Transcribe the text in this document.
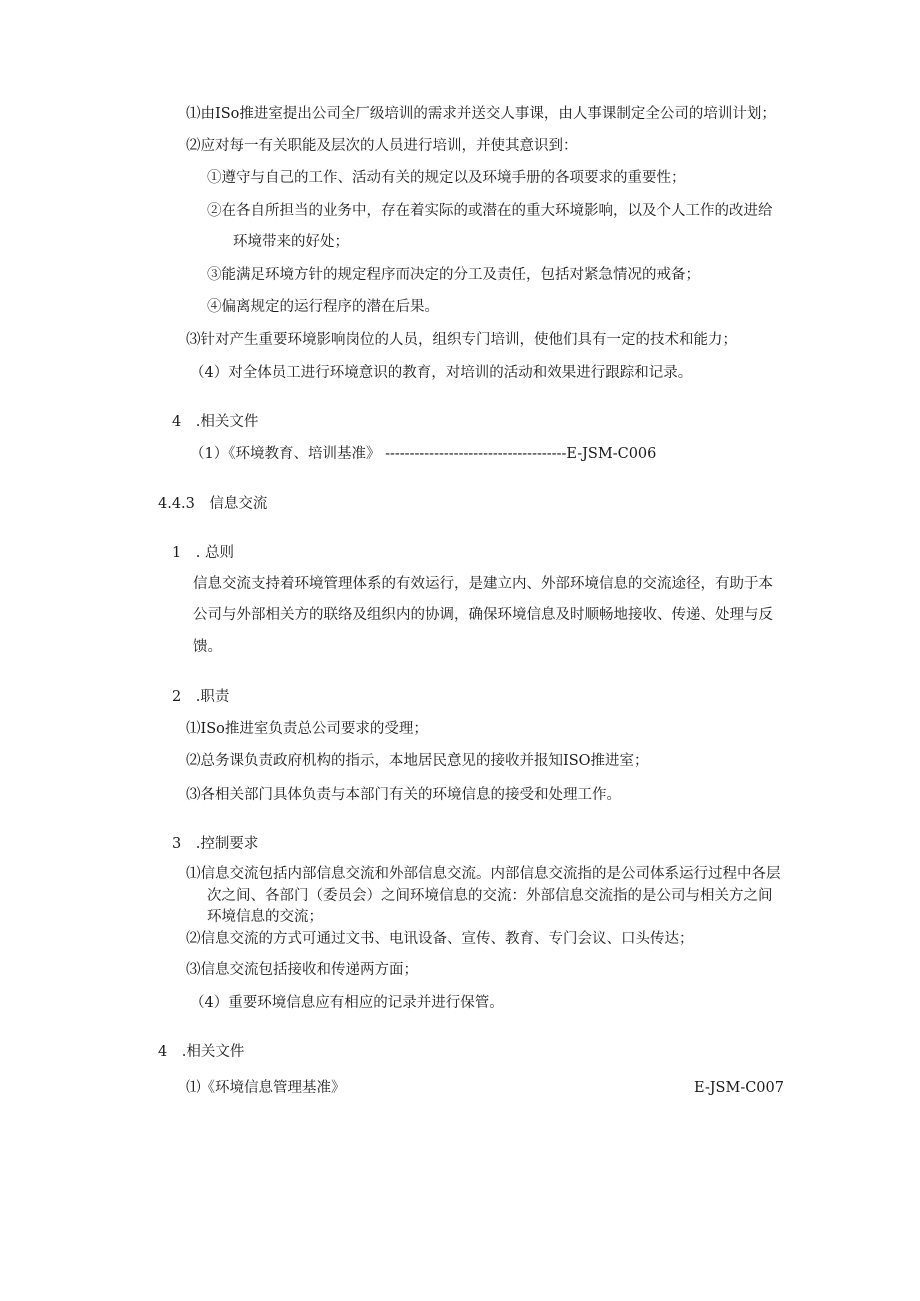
⑴由ISo推进室提出公司全厂级培训的需求并送交人事课，由人事课制定全公司的培训计划；
⑵应对每一有关职能及层次的人员进行培训，并使其意识到：
①遵守与自己的工作、活动有关的规定以及环境手册的各项要求的重要性；
②在各自所担当的业务中，存在着实际的或潜在的重大环境影响，以及个人工作的改进给
环境带来的好处；
③能满足环境方针的规定程序而决定的分工及责任，包括对紧急情况的戒备；
④偏离规定的运行程序的潜在后果。
⑶针对产生重要环境影响岗位的人员，组织专门培训，使他们具有一定的技术和能力；
（4）对全体员工进行环境意识的教育，对培训的活动和效果进行跟踪和记录。
4　.相关文件
（1）《环境教育、培训基准》 -------------------------------------E-JSM-C006
4.4.3　信息交流
1　. 总则
信息交流支持着环境管理体系的有效运行，是建立内、外部环境信息的交流途径，有助于本
公司与外部相关方的联络及组织内的协调，确保环境信息及时顺畅地接收、传递、处理与反
馈。
2　.职责
⑴ISo推进室负责总公司要求的受理；
⑵总务课负责政府机构的指示，本地居民意见的接收并报知ISO推进室；
⑶各相关部门具体负责与本部门有关的环境信息的接受和处理工作。
3　.控制要求
⑴信息交流包括内部信息交流和外部信息交流。内部信息交流指的是公司体系运行过程中各层
次之间、各部门（委员会）之间环境信息的交流：外部信息交流指的是公司与相关方之间
环境信息的交流；
⑵信息交流的方式可通过文书、电讯设备、宣传、教育、专门会议、口头传达；
⑶信息交流包括接收和传递两方面；
（4）重要环境信息应有相应的记录并进行保管。
4　.相关文件
⑴《环境信息管理基准》	E-JSM-C007
